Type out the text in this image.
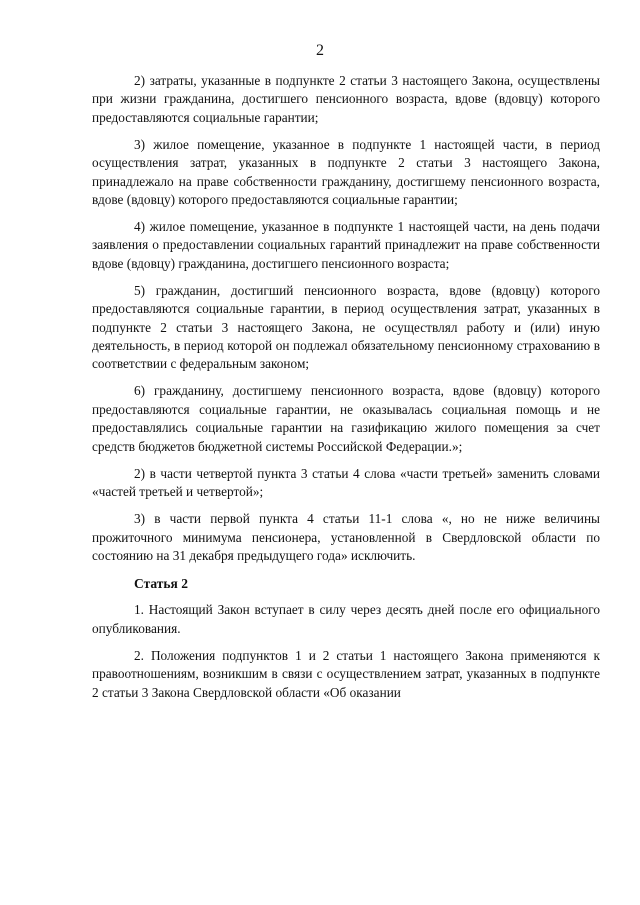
2

2) затраты, указанные в подпункте 2 статьи 3 настоящего Закона, осуществлены при жизни гражданина, достигшего пенсионного возраста, вдове (вдовцу) которого предоставляются социальные гарантии;

3) жилое помещение, указанное в подпункте 1 настоящей части, в период осуществления затрат, указанных в подпункте 2 статьи 3 настоящего Закона, принадлежало на праве собственности гражданину, достигшему пенсионного возраста, вдове (вдовцу) которого предоставляются социальные гарантии;

4) жилое помещение, указанное в подпункте 1 настоящей части, на день подачи заявления о предоставлении социальных гарантий принадлежит на праве собственности вдове (вдовцу) гражданина, достигшего пенсионного возраста;

5) гражданин, достигший пенсионного возраста, вдове (вдовцу) которого предоставляются социальные гарантии, в период осуществления затрат, указанных в подпункте 2 статьи 3 настоящего Закона, не осуществлял работу и (или) иную деятельность, в период которой он подлежал обязательному пенсионному страхованию в соответствии с федеральным законом;

6) гражданину, достигшему пенсионного возраста, вдове (вдовцу) которого предоставляются социальные гарантии, не оказывалась социальная помощь и не предоставлялись социальные гарантии на газификацию жилого помещения за счет средств бюджетов бюджетной системы Российской Федерации.»;

2) в части четвертой пункта 3 статьи 4 слова «части третьей» заменить словами «частей третьей и четвертой»;

3) в части первой пункта 4 статьи 11-1 слова «, но не ниже величины прожиточного минимума пенсионера, установленной в Свердловской области по состоянию на 31 декабря предыдущего года» исключить.

Статья 2

1. Настоящий Закон вступает в силу через десять дней после его официального опубликования.

2. Положения подпунктов 1 и 2 статьи 1 настоящего Закона применяются к правоотношениям, возникшим в связи с осуществлением затрат, указанных в подпункте 2 статьи 3 Закона Свердловской области «Об оказании
